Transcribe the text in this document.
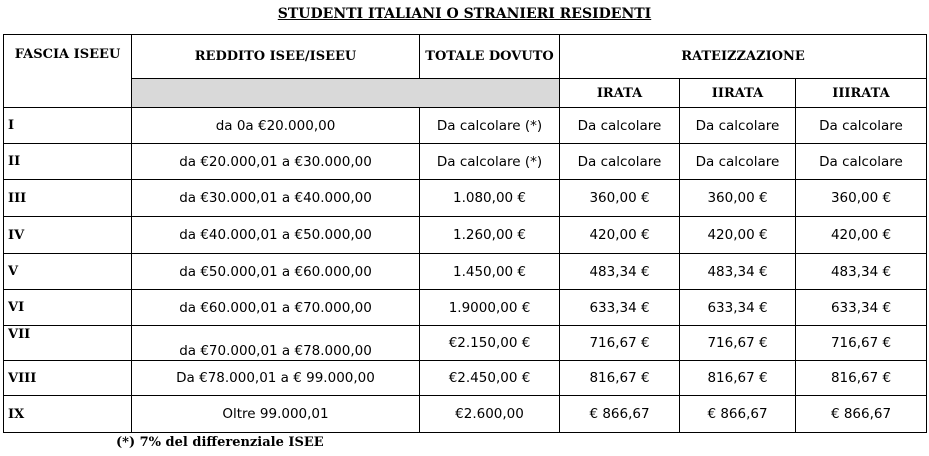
STUDENTI ITALIANI O STRANIERI RESIDENTI
FASCIA ISEEU	REDDITO ISEE/ISEEU	TOTALE DOVUTO	RATEIZZAZIONE		
			IRATA	IIRATA	IIIRATA
I	da 0a €20.000,00	Da calcolare (*)	Da calcolare	Da calcolare	Da calcolare
II	da €20.000,01 a €30.000,00	Da calcolare (*)	Da calcolare	Da calcolare	Da calcolare
III	da €30.000,01 a €40.000,00	1.080,00 €	360,00 €	360,00 €	360,00 €
IV	da €40.000,01 a €50.000,00	1.260,00 €	420,00 €	420,00 €	420,00 €
V	da €50.000,01 a €60.000,00	1.450,00 €	483,34 €	483,34 €	483,34 €
VI	da €60.000,01 a €70.000,00	1.9000,00 €	633,34 €	633,34 €	633,34 €
VII	da €70.000,01 a €78.000,00	€2.150,00 €	716,67 €	716,67 €	716,67 €
VIII	Da €78.000,01 a € 99.000,00	€2.450,00 €	816,67 €	816,67 €	816,67 €
IX	Oltre 99.000,01	€2.600,00	€ 866,67	€ 866,67	€ 866,67
(*) 7% del differenziale ISEE
